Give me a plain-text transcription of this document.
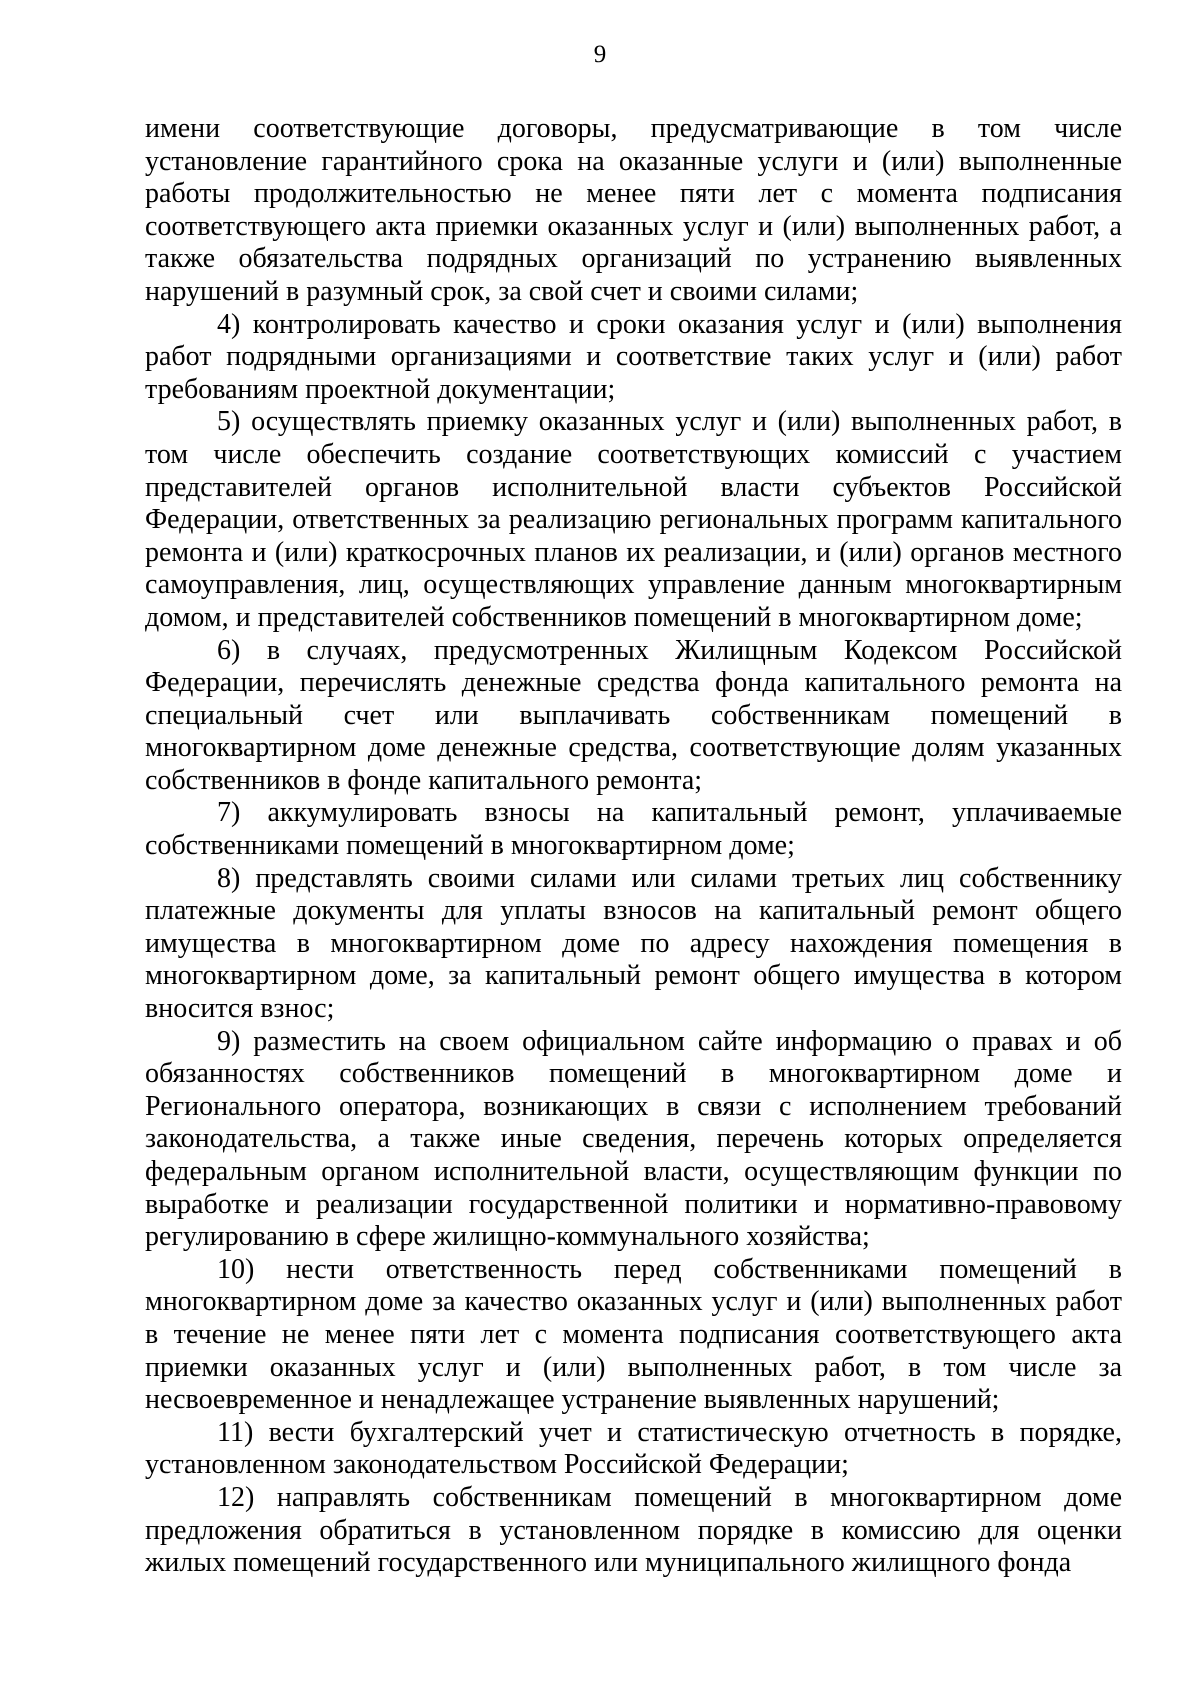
9

имени соответствующие договоры, предусматривающие в том числе установление гарантийного срока на оказанные услуги и (или) выполненные работы продолжительностью не менее пяти лет с момента подписания соответствующего акта приемки оказанных услуг и (или) выполненных работ, а также обязательства подрядных организаций по устранению выявленных нарушений в разумный срок, за свой счет и своими силами;

4) контролировать качество и сроки оказания услуг и (или) выполнения работ подрядными организациями и соответствие таких услуг и (или) работ требованиям проектной документации;

5) осуществлять приемку оказанных услуг и (или) выполненных работ, в том числе обеспечить создание соответствующих комиссий с участием представителей органов исполнительной власти субъектов Российской Федерации, ответственных за реализацию региональных программ капитального ремонта и (или) краткосрочных планов их реализации, и (или) органов местного самоуправления, лиц, осуществляющих управление данным многоквартирным домом, и представителей собственников помещений в многоквартирном доме;

6) в случаях, предусмотренных Жилищным Кодексом Российской Федерации, перечислять денежные средства фонда капитального ремонта на специальный счет или выплачивать собственникам помещений в многоквартирном доме денежные средства, соответствующие долям указанных собственников в фонде капитального ремонта;

7) аккумулировать взносы на капитальный ремонт, уплачиваемые собственниками помещений в многоквартирном доме;

8) представлять своими силами или силами третьих лиц собственнику платежные документы для уплаты взносов на капитальный ремонт общего имущества в многоквартирном доме по адресу нахождения помещения в многоквартирном доме, за капитальный ремонт общего имущества в котором вносится взнос;

9) разместить на своем официальном сайте информацию о правах и об обязанностях собственников помещений в многоквартирном доме и Регионального оператора, возникающих в связи с исполнением требований законодательства, а также иные сведения, перечень которых определяется федеральным органом исполнительной власти, осуществляющим функции по выработке и реализации государственной политики и нормативно-правовому регулированию в сфере жилищно-коммунального хозяйства;

10) нести ответственность перед собственниками помещений в многоквартирном доме за качество оказанных услуг и (или) выполненных работ в течение не менее пяти лет с момента подписания соответствующего акта приемки оказанных услуг и (или) выполненных работ, в том числе за несвоевременное и ненадлежащее устранение выявленных нарушений;

11) вести бухгалтерский учет и статистическую отчетность в порядке, установленном законодательством Российской Федерации;

12) направлять собственникам помещений в многоквартирном доме предложения обратиться в установленном порядке в комиссию для оценки жилых помещений государственного или муниципального жилищного фонда
